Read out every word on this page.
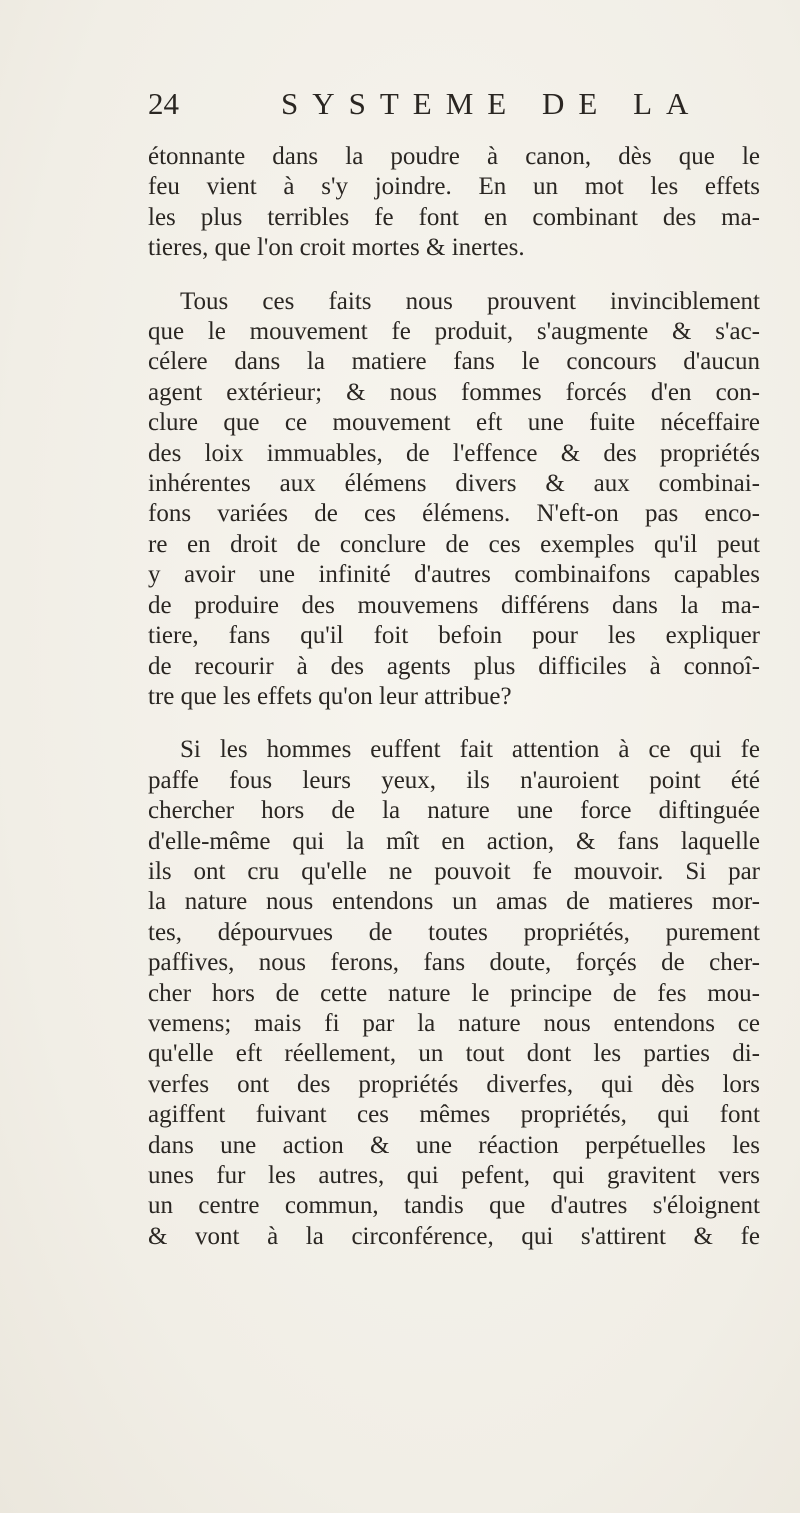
24	SYSTEME DE LA

étonnante dans la poudre à canon, dès que le
feu vient à s'y joindre. En un mot les effets
les plus terribles fe font en combinant des ma-
tieres, que l'on croit mortes & inertes.

Tous ces faits nous prouvent invinciblement
que le mouvement fe produit, s'augmente & s'ac-
célere dans la matiere fans le concours d'aucun
agent extérieur; & nous fommes forcés d'en con-
clure que ce mouvement eft une fuite néceffaire
des loix immuables, de l'effence & des propriétés
inhérentes aux élémens divers & aux combinai-
fons variées de ces élémens. N'eft-on pas enco-
re en droit de conclure de ces exemples qu'il peut
y avoir une infinité d'autres combinaifons capables
de produire des mouvemens différens dans la ma-
tiere, fans qu'il foit befoin pour les expliquer
de recourir à des agents plus difficiles à connoî-
tre que les effets qu'on leur attribue?

Si les hommes euffent fait attention à ce qui fe
paffe fous leurs yeux, ils n'auroient point été
chercher hors de la nature une force diftinguée
d'elle-même qui la mît en action, & fans laquelle
ils ont cru qu'elle ne pouvoit fe mouvoir. Si par
la nature nous entendons un amas de matieres mor-
tes, dépourvues de toutes propriétés, purement
paffives, nous ferons, fans doute, forçés de cher-
cher hors de cette nature le principe de fes mou-
vemens; mais fi par la nature nous entendons ce
qu'elle eft réellement, un tout dont les parties di-
verfes ont des propriétés diverfes, qui dès lors
agiffent fuivant ces mêmes propriétés, qui font
dans une action & une réaction perpétuelles les
unes fur les autres, qui pefent, qui gravitent vers
un centre commun, tandis que d'autres s'éloignent
& vont à la circonférence, qui s'attirent & fe
